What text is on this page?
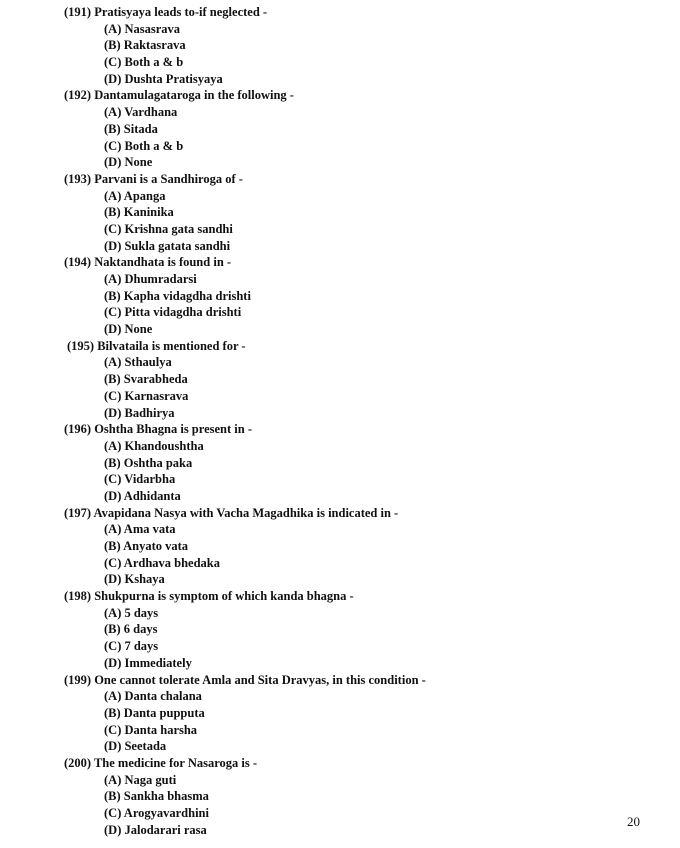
(191) Pratisyaya leads to-if neglected -
(A) Nasasrava
(B) Raktasrava
(C) Both a & b
(D) Dushta Pratisyaya
(192) Dantamulagataroga in the following -
(A) Vardhana
(B) Sitada
(C) Both a & b
(D) None
(193) Parvani is a Sandhiroga of -
(A) Apanga
(B) Kaninika
(C) Krishna gata sandhi
(D) Sukla gatata sandhi
(194) Naktandhata is found in -
(A) Dhumradarsi
(B) Kapha vidagdha drishti
(C) Pitta vidagdha drishti
(D) None
(195) Bilvataila is mentioned for -
(A) Sthaulya
(B) Svarabheda
(C) Karnasrava
(D) Badhirya
(196) Oshtha Bhagna is present in -
(A) Khandoushtha
(B) Oshtha paka
(C) Vidarbha
(D) Adhidanta
(197) Avapidana Nasya with Vacha Magadhika is indicated in -
(A) Ama vata
(B) Anyato vata
(C) Ardhava bhedaka
(D) Kshaya
(198) Shukpurna is symptom of which kanda bhagna -
(A) 5 days
(B) 6 days
(C) 7 days
(D) Immediately
(199) One cannot tolerate Amla and Sita Dravyas, in this condition -
(A) Danta chalana
(B) Danta pupputa
(C) Danta harsha
(D) Seetada
(200) The medicine for Nasaroga is -
(A) Naga guti
(B) Sankha bhasma
(C) Arogyavardhini
(D) Jalodarari rasa
20
